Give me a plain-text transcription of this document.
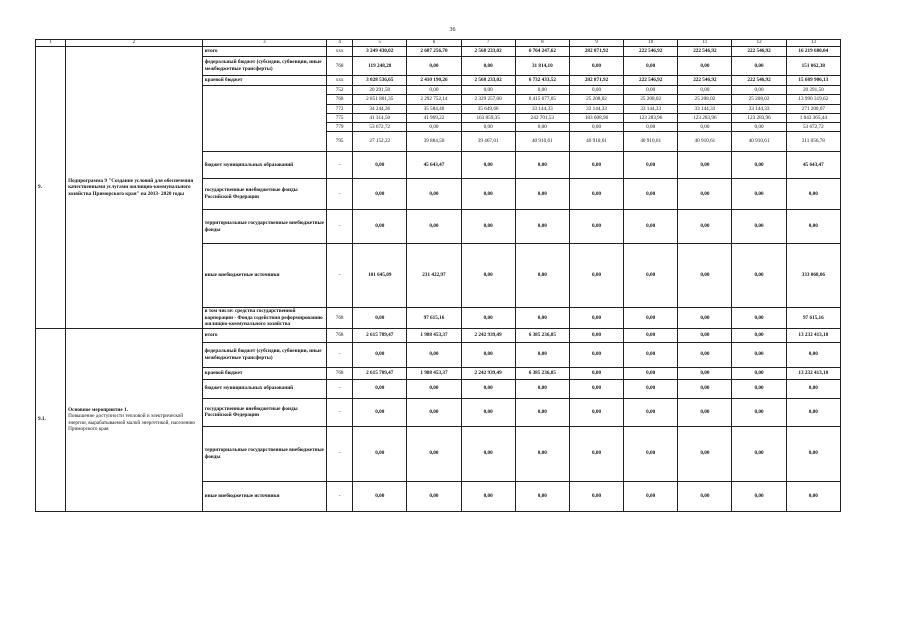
36
1	2	3	4	5	6	7	8	9	10	11	12	13
9.	Подпрограмма 9 "Создание условий для обеспечения качественными услугами жилищно-коммунального хозяйства Приморского края" на 2013- 2020 годы	итого	xxx	3 249 430,02	2 687 256,70	2 568 233,02	6 764 247,62	282 871,92	222 546,92	222 546,92	222 546,92	16 219 680,04
		федеральный бюджет (субсидии, субвенции, иные межбюджетные трансферты)	768	119 248,28	0,00	0,00	31 814,10	0,00	0,00	0,00	0,00	151 062,38
		краевой бюджет	xxx	3 028 536,65	2 410 190,26	2 568 233,02	6 732 433,52	282 871,92	222 546,92	222 546,92	222 546,92	15 689 906,13
			752	20 291,50	0,00	0,00	0,00	0,00	0,00	0,00	0,00	20 291,50
			768	2 851 801,35	2 292 752,14	2 329 257,00	6 415 677,05	25 208,02	25 208,02	25 208,02	25 208,02	13 990 319,62
			772	34 244,36	35 584,40	35 649,66	33 144,33	33 144,33	33 144,33	33 144,33	33 144,33	271 200,07
			775	41 314,50	41 969,22	163 859,35	242 701,53	183 608,96	123 283,96	123 283,96	123 283,96	1 043 365,44
			779	53 672,72	0,00	0,00	0,00	0,00	0,00	0,00	0,00	53 672,72
			795	27 152,22	39 884,50	39 467,01	40 910,61	40 910,61	40 910,61	40 910,61	40 910,61	311 056,78
		бюджет муниципальных образований	-	0,00	45 643,47	0,00	0,00	0,00	0,00	0,00	0,00	45 643,47
		государственные внебюджетные фонды Российской Федерации	-	0,00	0,00	0,00	0,00	0,00	0,00	0,00	0,00	0,00
		территориальные государственные внебюджетные фонды	-	0,00	0,00	0,00	0,00	0,00	0,00	0,00	0,00	0,00
		иные внебюджетные источники	-	101 645,09	231 422,97	0,00	0,00	0,00	0,00	0,00	0,00	333 068,06
		в том числе: средства государственной корпорации - Фонда содействия реформированию жилищно-коммунального хозяйства	768	0,00	97 615,16	0,00	0,00	0,00	0,00	0,00	0,00	97 615,16
9.1.	Основное мероприятие 1.
Повышение доступности тепловой и электрической энергии, вырабатываемой малой энергетикой, населению Приморского края	итого	768	2 615 789,47	1 988 453,37	2 242 939,49	6 385 236,85	0,00	0,00	0,00	0,00	13 232 413,18
		федеральный бюджет (субсидии, субвенции, иные межбюджетные трансферты)	-	0,00	0,00	0,00	0,00	0,00	0,00	0,00	0,00	0,00
		краевой бюджет	768	2 615 789,47	1 988 453,37	2 242 939,49	6 385 236,85	0,00	0,00	0,00	0,00	13 232 413,18
		бюджет муниципальных образований	-	0,00	0,00	0,00	0,00	0,00	0,00	0,00	0,00	0,00
		государственные внебюджетные фонды Российской Федерации	-	0,00	0,00	0,00	0,00	0,00	0,00	0,00	0,00	0,00
		территориальные государственные внебюджетные фонды	-	0,00	0,00	0,00	0,00	0,00	0,00	0,00	0,00	0,00
		иные внебюджетные источники	-	0,00	0,00	0,00	0,00	0,00	0,00	0,00	0,00	0,00
